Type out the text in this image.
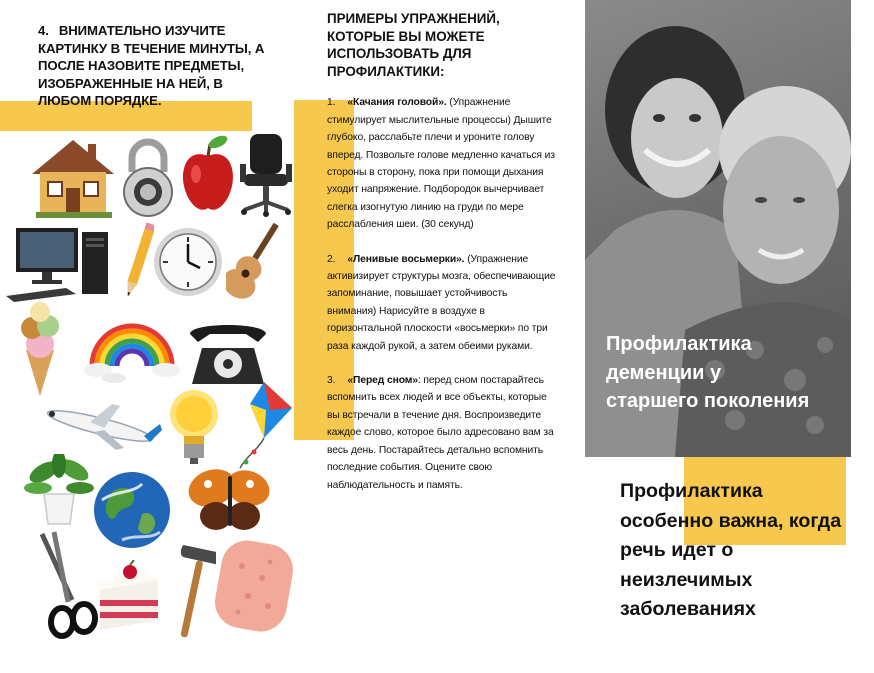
4. ВНИМАТЕЛЬНО ИЗУЧИТЕ КАРТИНКУ В ТЕЧЕНИЕ МИНУТЫ, А ПОСЛЕ НАЗОВИТЕ ПРЕДМЕТЫ, ИЗОБРАЖЕННЫЕ НА НЕЙ, В ЛЮБОМ ПОРЯДКЕ.
ПРИМЕРЫ УПРАЖНЕНИЙ, КОТОРЫЕ ВЫ МОЖЕТЕ ИСПОЛЬЗОВАТЬ ДЛЯ ПРОФИЛАКТИКИ:
1. «Качания головой». (Упражнение стимулирует мыслительные процессы) Дышите глубоко, расслабьте плечи и уроните голову вперед. Позвольте голове медленно качаться из стороны в сторону, пока при помощи дыхания уходит напряжение. Подбородок вычерчивает слегка изогнутую линию на груди по мере расслабления шеи. (30 секунд)
2. «Ленивые восьмерки». (Упражнение активизирует структуры мозга, обеспечивающие запоминание, повышает устойчивость внимания) Нарисуйте в воздухе в горизонтальной плоскости «восьмерки» по три раза каждой рукой, а затем обеими руками.
3. «Перед сном»: перед сном постарайтесь вспомнить всех людей и все объекты, которые вы встречали в течение дня. Воспроизведите каждое слово, которое было адресовано вам за весь день. Постарайтесь детально вспомнить последние события. Оцените свою наблюдательность и память.
Профилактика деменции у старшего поколения
Профилактика особенно важна, когда речь идет о неизлечимых заболеваниях
